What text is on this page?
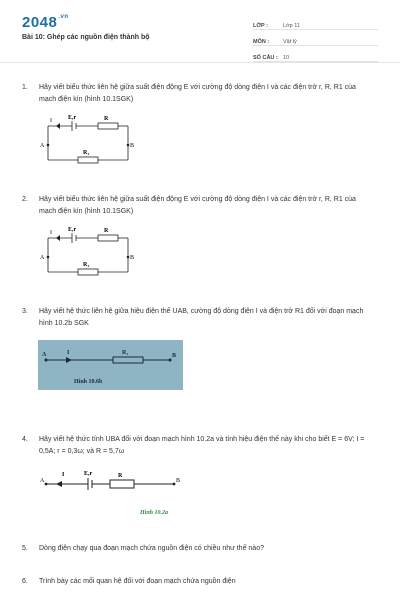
$2048^{.vn}$
Bài 10: Ghép các nguồn điện thành bộ
LỚP :	Lớp 11
MÔN :	Vật lý
SỐ CÂU : 10
1. Hãy viết biểu thức liên hệ giữa suất điện động E với cường độ dòng điện I và các điện trở r, R, R1 của mạch điện kín (hình 10.1SGK)
I	E,r	R
A	B
R₁
2. Hãy viết biểu thức liên hệ giữa suất điện động E với cường độ dòng điện I và các điện trở r, R, R1 của mạch điện kín (hình 10.1SGK)
I	E,r	R
A	B
R₁
3. Hãy viết hệ thức liên hệ giữa hiệu điện thế UAB, cường độ dòng điện I và điện trở R1 đối với đoạn mạch hình 10.2b SGK
A	I	R₁	B
Hình 10.6b
4. Hãy viết hệ thức tính UBA đối với đoạn mạch hình 10.2a và tính hiệu điện thế này khi cho biết E = 6V; I = 0,5A; r = 0,3ω; và R = 5,7ω
A
I	E,r	R
B
Hình 10.2a
5. Dòng điện chạy qua đoạn mạch chứa nguồn điện có chiều như thế nào?
6. Trình bày các mối quan hệ đối với đoạn mạch chứa nguồn điện
